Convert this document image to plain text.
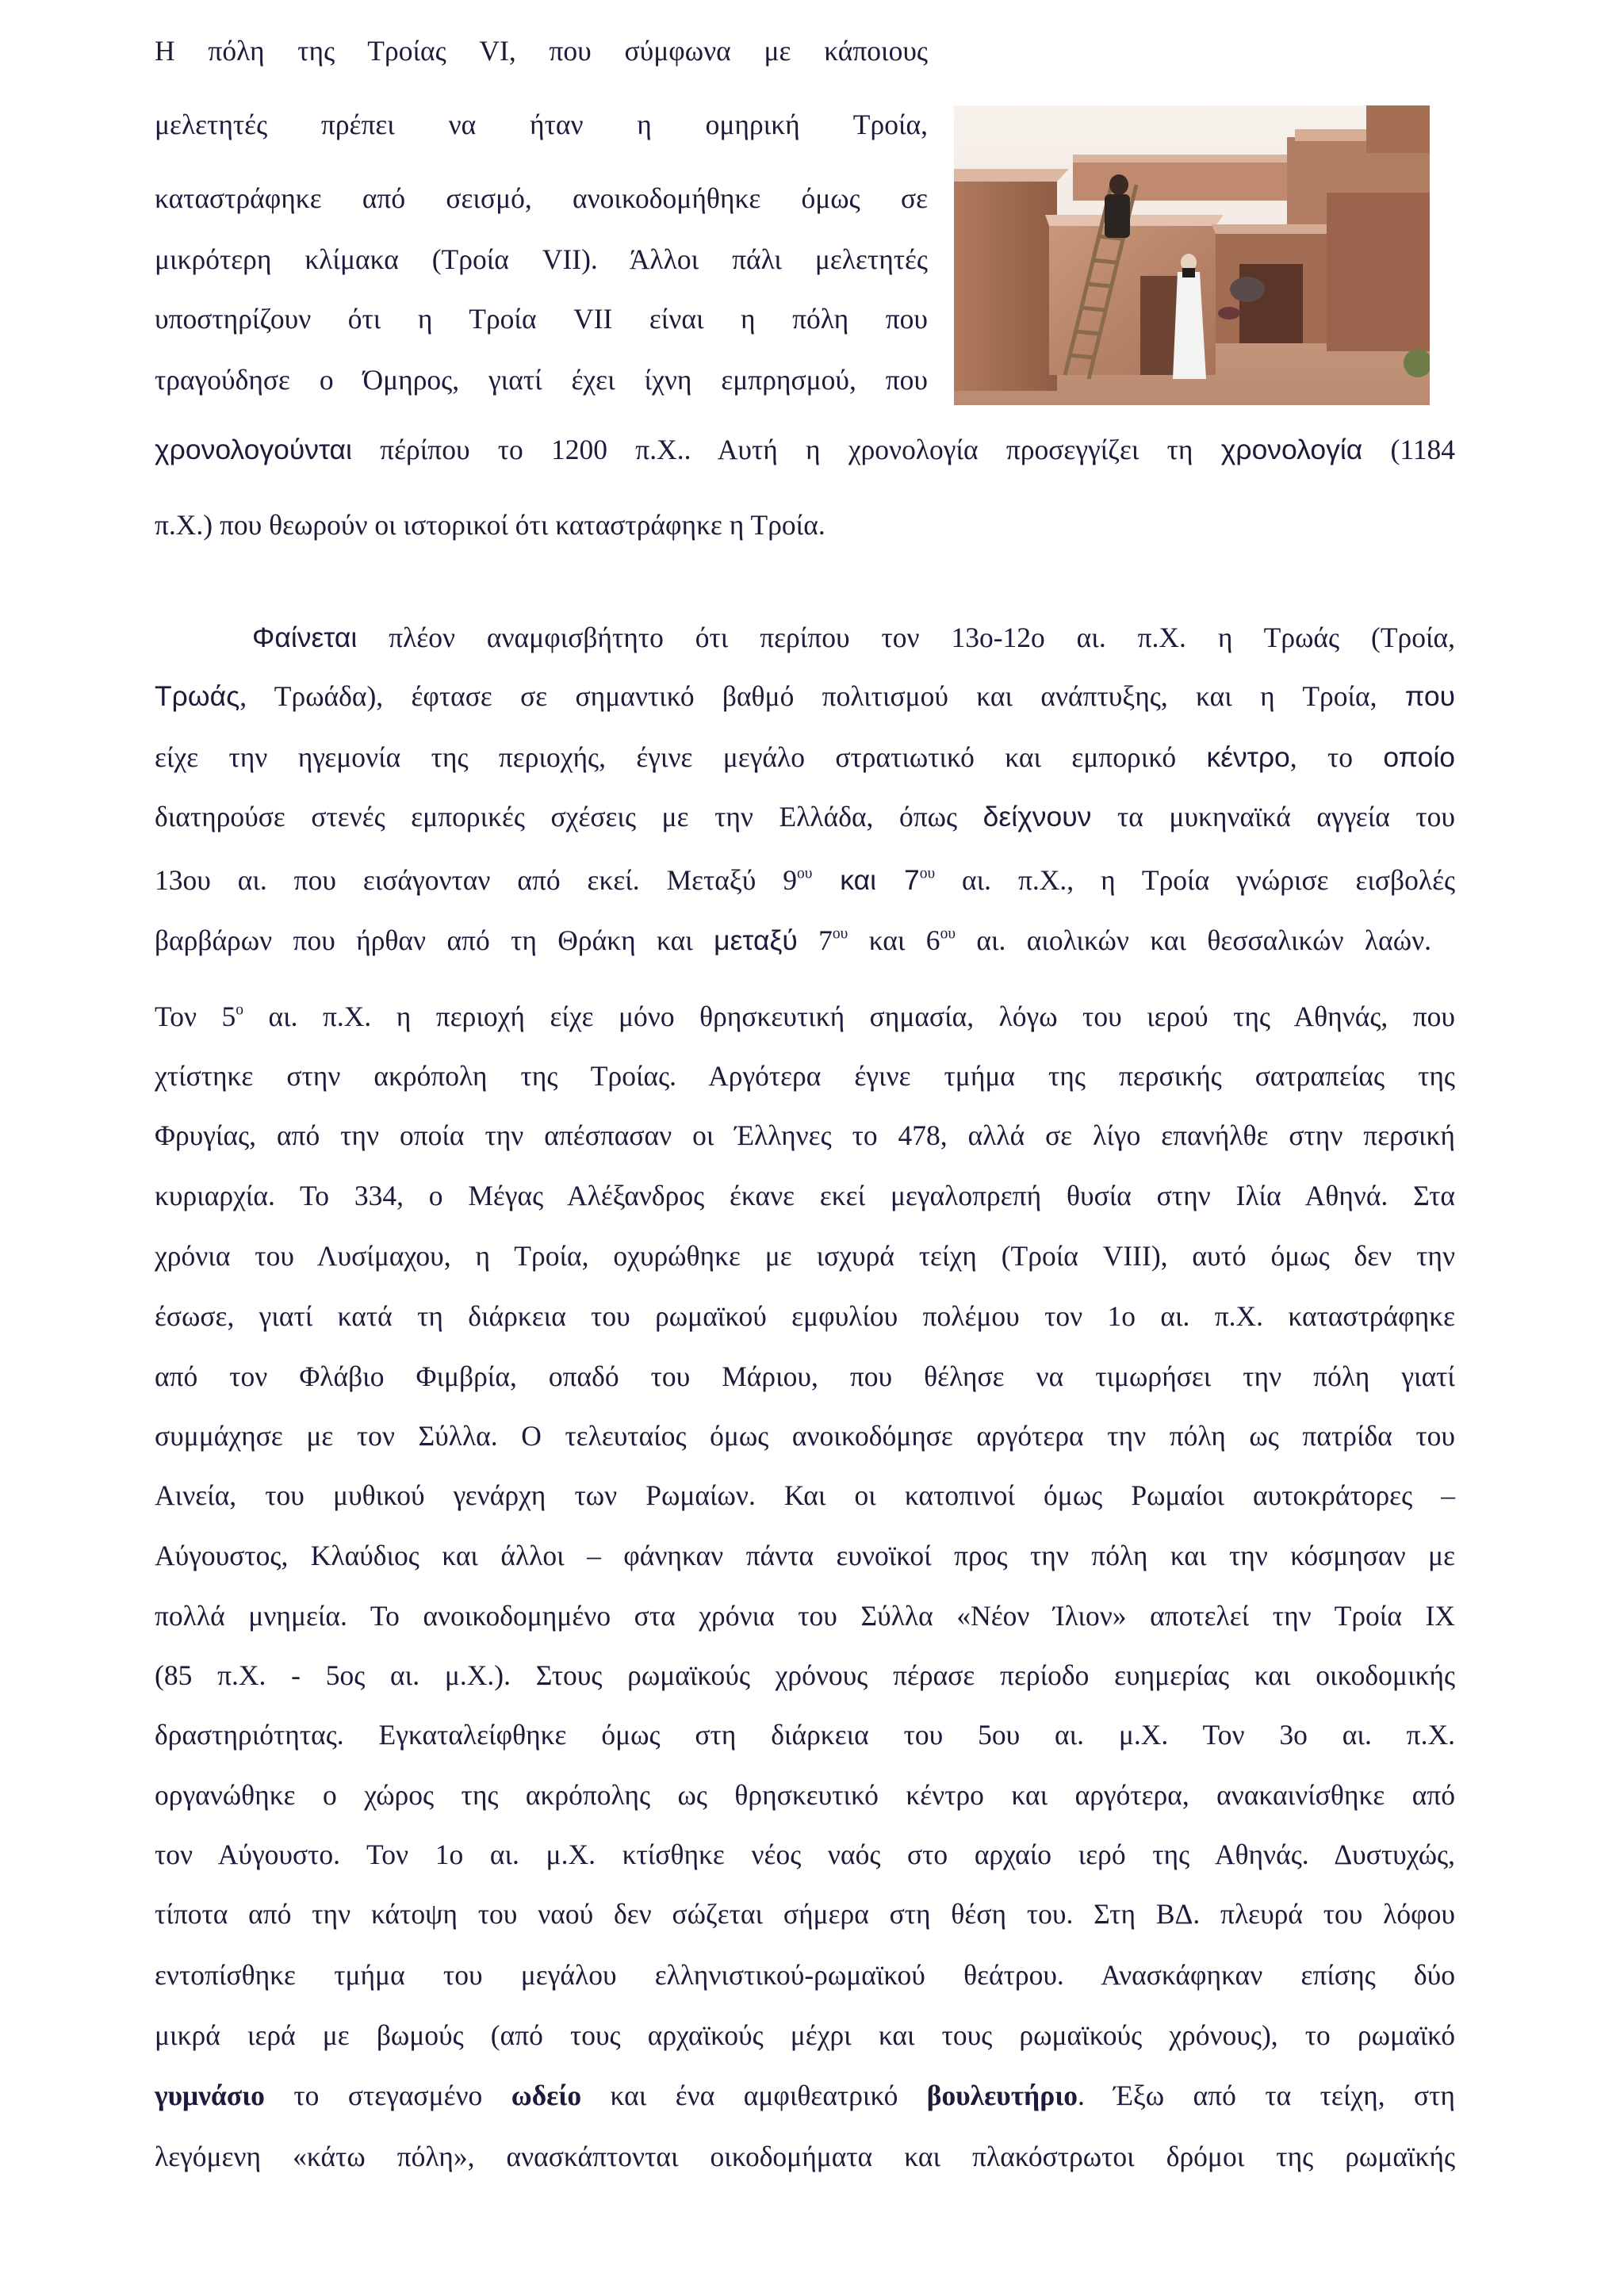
Η πόλη της Τροίας VI, που σύμφωνα με κάποιους
μελετητές πρέπει να ήταν η ομηρική Τροία,
καταστράφηκε από σεισμό, ανοικοδομήθηκε όμως σε
μικρότερη κλίμακα (Τροία VII). Άλλοι πάλι μελετητές
υποστηρίζουν ότι η Τροία VII είναι η πόλη που
τραγούδησε ο Όμηρος, γιατί έχει ίχνη εμπρησμού, που
χρονολογούνται πέρίπου το 1200 π.Χ.. Αυτή η χρονολογία προσεγγίζει τη χρονολογία (1184
π.Χ.) που θεωρούν οι ιστορικοί ότι καταστράφηκε η Τροία.
Φαίνεται πλέον αναμφισβήτητο ότι περίπου τον 13ο-12ο αι. π.Χ. η Τρωάς (Τροία,
Τρωάς, Τρωάδα), έφτασε σε σημαντικό βαθμό πολιτισμού και ανάπτυξης, και η Τροία, που
είχε την ηγεμονία της περιοχής, έγινε μεγάλο στρατιωτικό και εμπορικό κέντρο, το οποίο
διατηρούσε στενές εμπορικές σχέσεις με την Ελλάδα, όπως δείχνουν τα μυκηναϊκά αγγεία του
13ου αι. που εισάγονταν από εκεί. Μεταξύ $9^{o\upsilon}$ και $7^{o\upsilon}$ αι. π.Χ., η Τροία γνώρισε εισβολές
βαρβάρων που ήρθαν από τη Θράκη και μεταξύ $7^{o\upsilon}$ και $6^{o\upsilon}$ αι. αιολικών και θεσσαλικών λαών.
Τον $5^o$ αι. π.Χ. η περιοχή είχε μόνο θρησκευτική σημασία, λόγω του ιερού της Αθηνάς, που
χτίστηκε στην ακρόπολη της Τροίας. Αργότερα έγινε τμήμα της περσικής σατραπείας της
Φρυγίας, από την οποία την απέσπασαν οι Έλληνες το 478, αλλά σε λίγο επανήλθε στην περσική
κυριαρχία. Το 334, ο Μέγας Αλέξανδρος έκανε εκεί μεγαλοπρεπή θυσία στην Ιλία Αθηνά. Στα
χρόνια του Λυσίμαχου, η Τροία, οχυρώθηκε με ισχυρά τείχη (Τροία VIII), αυτό όμως δεν την
έσωσε, γιατί κατά τη διάρκεια του ρωμαϊκού εμφυλίου πολέμου τον 1ο αι. π.Χ. καταστράφηκε
από τον Φλάβιο Φιμβρία, οπαδό του Μάριου, που θέλησε να τιμωρήσει την πόλη γιατί
συμμάχησε με τον Σύλλα. Ο τελευταίος όμως ανοικοδόμησε αργότερα την πόλη ως πατρίδα του
Αινεία, του μυθικού γενάρχη των Ρωμαίων. Και οι κατοπινοί όμως Ρωμαίοι αυτοκράτορες –
Αύγουστος, Κλαύδιος και άλλοι – φάνηκαν πάντα ευνοϊκοί προς την πόλη και την κόσμησαν με
πολλά μνημεία. Το ανοικοδομημένο στα χρόνια του Σύλλα «Νέον Ίλιον» αποτελεί την Τροία IX
(85 π.Χ. - 5ος αι. μ.Χ.). Στους ρωμαϊκούς χρόνους πέρασε περίοδο ευημερίας και οικοδομικής
δραστηριότητας. Εγκαταλείφθηκε όμως στη διάρκεια του 5ου αι. μ.Χ. Τον 3ο αι. π.Χ.
οργανώθηκε ο χώρος της ακρόπολης ως θρησκευτικό κέντρο και αργότερα, ανακαινίσθηκε από
τον Αύγουστο. Τον 1ο αι. μ.Χ. κτίσθηκε νέος ναός στο αρχαίο ιερό της Αθηνάς. Δυστυχώς,
τίποτα από την κάτοψη του ναού δεν σώζεται σήμερα στη θέση του. Στη ΒΔ. πλευρά του λόφου
εντοπίσθηκε τμήμα του μεγάλου ελληνιστικού-ρωμαϊκού θεάτρου. Ανασκάφηκαν επίσης δύο
μικρά ιερά με βωμούς (από τους αρχαϊκούς μέχρι και τους ρωμαϊκούς χρόνους), το ρωμαϊκό
γυμνάσιο το στεγασμένο ωδείο και ένα αμφιθεατρικό βουλευτήριο. Έξω από τα τείχη, στη
λεγόμενη «κάτω πόλη», ανασκάπτονται οικοδομήματα και πλακόστρωτοι δρόμοι της ρωμαϊκής
